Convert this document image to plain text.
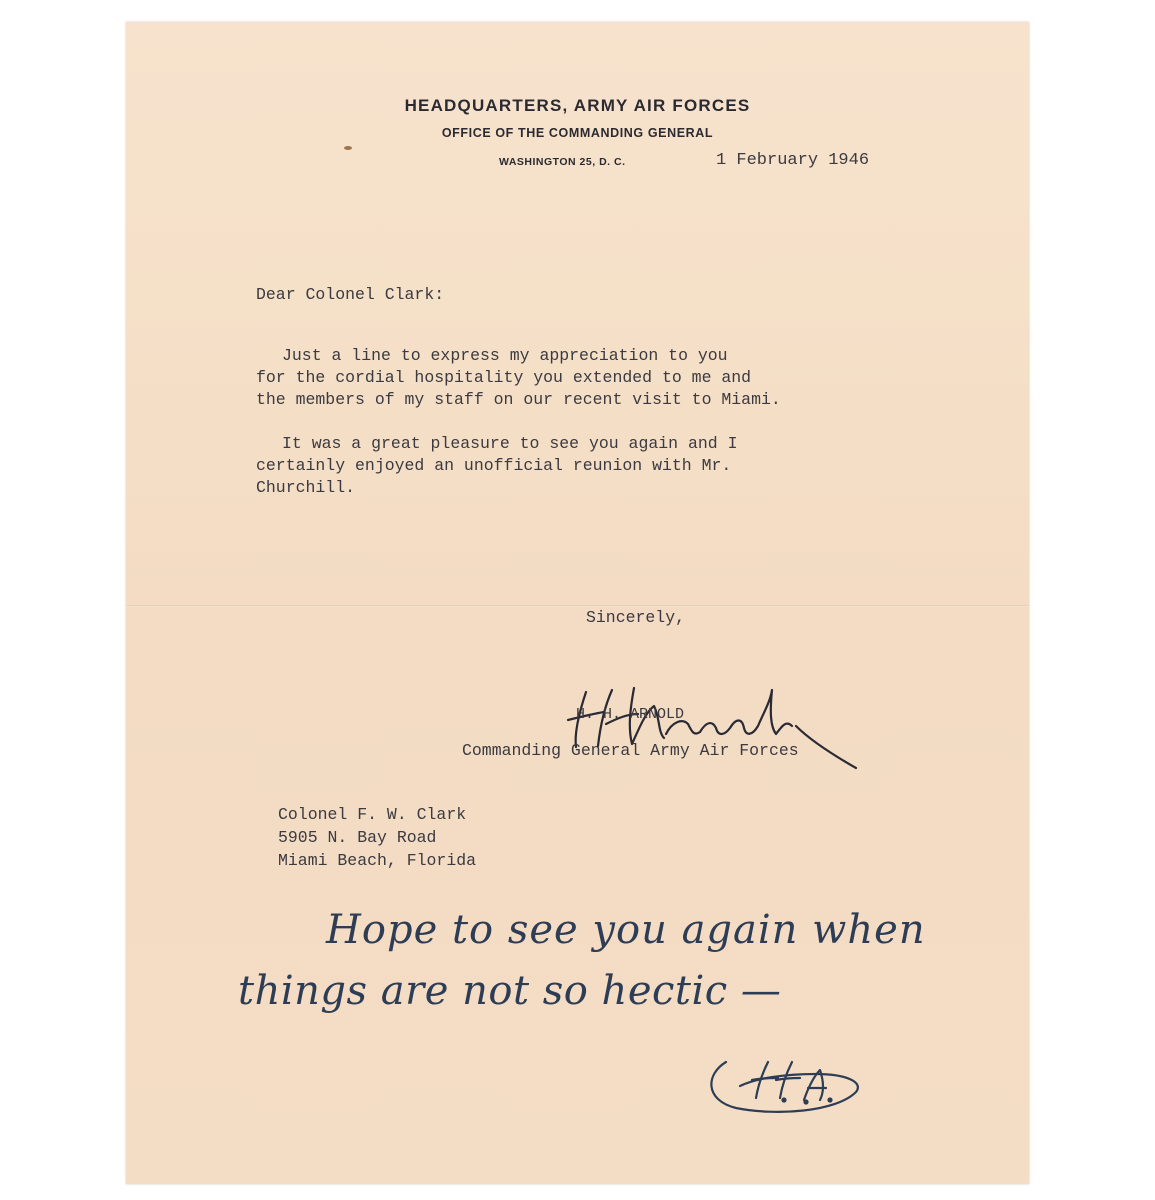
HEADQUARTERS, ARMY AIR FORCES
OFFICE OF THE COMMANDING GENERAL
WASHINGTON 25, D. C.	1 February 1946
Dear Colonel Clark:
Just a line to express my appreciation to you
for the cordial hospitality you extended to me and
the members of my staff on our recent visit to Miami.
It was a great pleasure to see you again and I
certainly enjoyed an unofficial reunion with Mr.
Churchill.
Sincerely,
H. H. ARNOLD
Commanding General Army Air Forces
Colonel F. W. Clark
5905 N. Bay Road
Miami Beach, Florida
Hope to see you again when
things are not so hectic —
